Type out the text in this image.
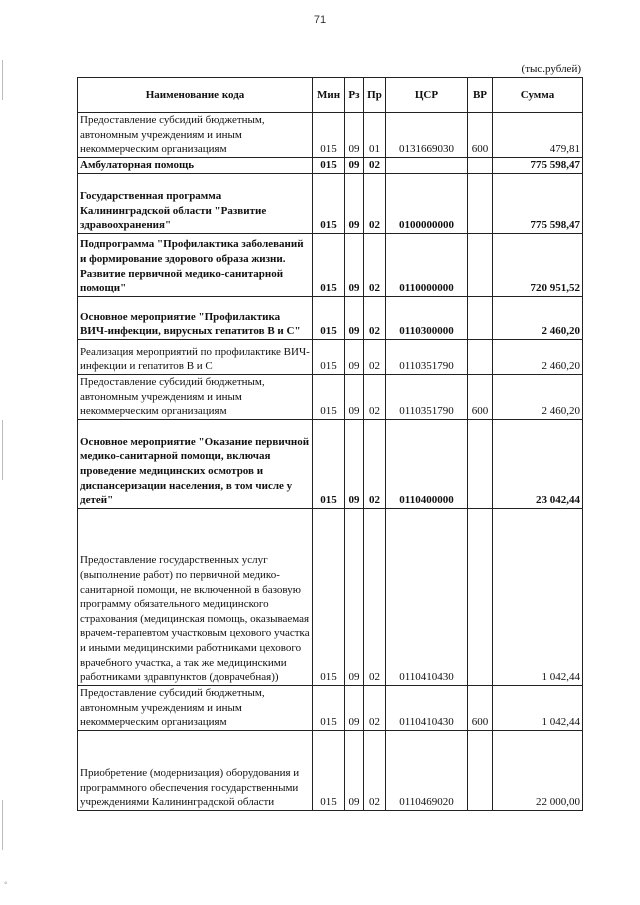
◦
71
(тыс.рублей)
Наименование кода	Мин	Рз	Пр	ЦСР	ВР	Сумма
Предоставление субсидий бюджетным, автономным учреждениям и иным некоммерческим организациям	015	09	01	0131669030	600	479,81
Амбулаторная помощь	015	09	02			775 598,47
Государственная программа Калининградской области "Развитие здравоохранения"	015	09	02	0100000000		775 598,47
Подпрограмма "Профилактика заболеваний и формирование здорового образа жизни. Развитие первичной медико-санитарной помощи"	015	09	02	0110000000		720 951,52
Основное мероприятие "Профилактика ВИЧ-инфекции, вирусных гепатитов В и С"	015	09	02	0110300000		2 460,20
Реализация мероприятий по профилактике ВИЧ-инфекции и гепатитов В и С	015	09	02	0110351790		2 460,20
Предоставление субсидий бюджетным, автономным учреждениям и иным некоммерческим организациям	015	09	02	0110351790	600	2 460,20
Основное мероприятие "Оказание первичной медико-санитарной помощи, включая проведение медицинских осмотров и диспансеризации населения, в том числе у детей"	015	09	02	0110400000		23 042,44
Предоставление государственных услуг (выполнение работ) по первичной медико-санитарной помощи, не включенной в базовую программу обязательного медицинского страхования (медицинская помощь, оказываемая врачем-терапевтом участковым цехового участка и иными медицинскими работниками цехового врачебного участка, а так же медицинскими работниками здравпунктов (доврачебная))	015	09	02	0110410430		1 042,44
Предоставление субсидий бюджетным, автономным учреждениям и иным некоммерческим организациям	015	09	02	0110410430	600	1 042,44
Приобретение (модернизация) оборудования и программного обеспечения государственными учреждениями Калининградской области	015	09	02	0110469020		22 000,00
